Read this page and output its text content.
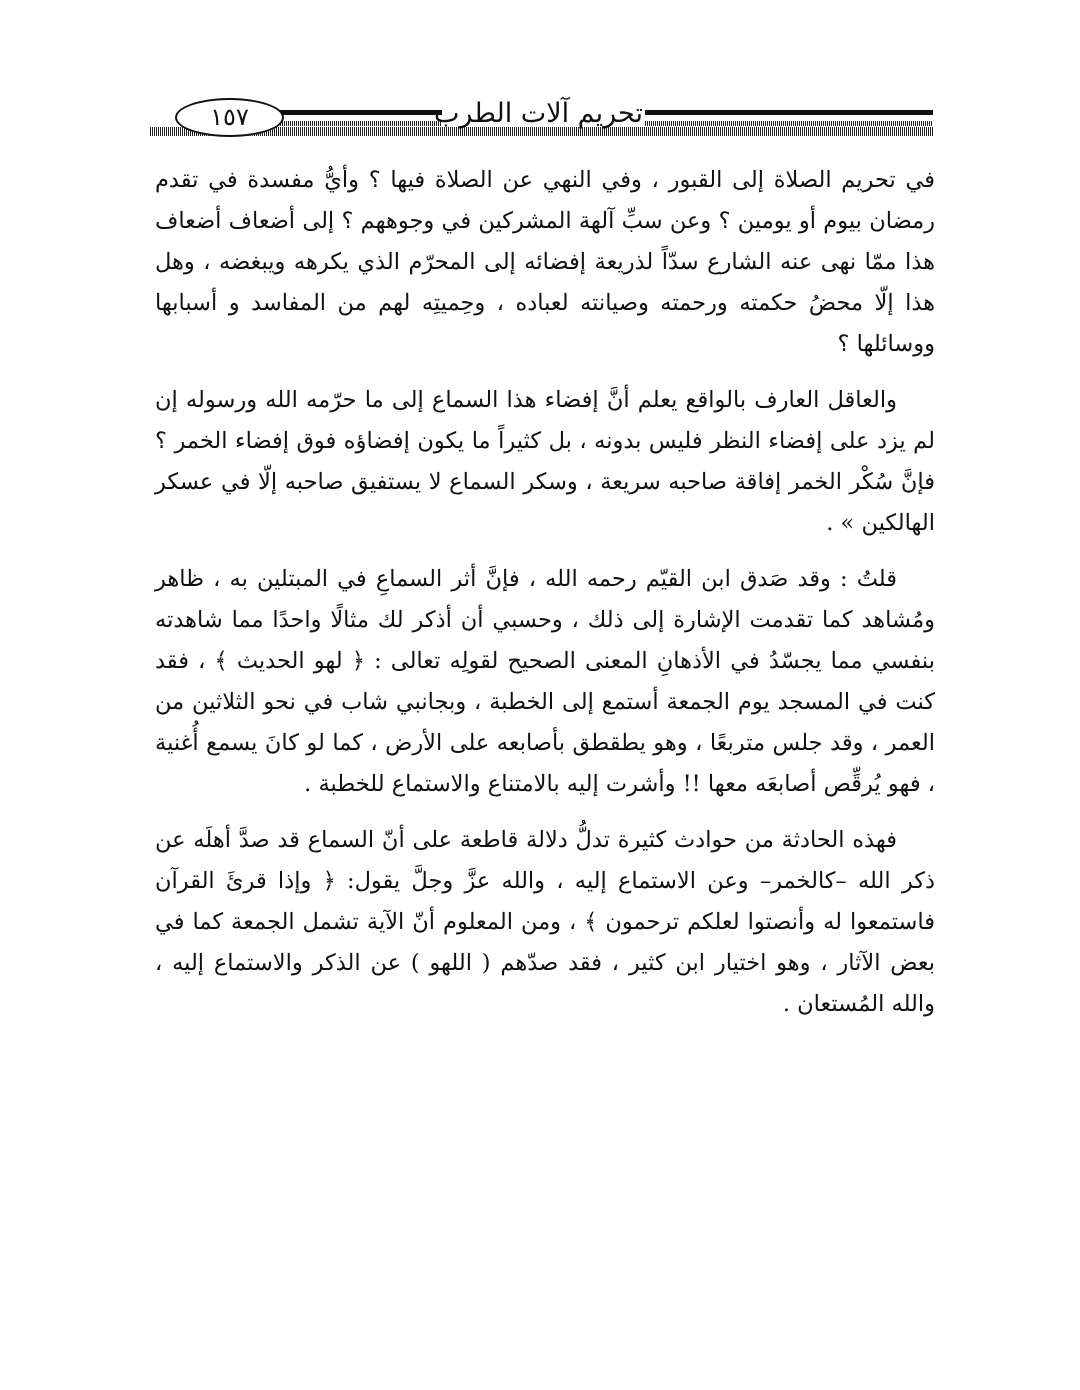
تحريم آلات الطرب
١٥٧

في تحريم الصلاة إلى القبور ، وفي النهي عن الصلاة فيها ؟ وأيُّ مفسدة في تقدم رمضان بيوم أو يومين ؟ وعن سبِّ آلهة المشركين في وجوههم ؟ إلى أضعاف أضعاف هذا ممّا نهى عنه الشارع سدّاً لذريعة إفضائه إلى المحرّم الذي يكرهه ويبغضه ، وهل هذا إلّا محضُ حكمته ورحمته وصيانته لعباده ، وحِميتِه لهم من المفاسد و أسبابها ووسائلها ؟

والعاقل العارف بالواقع يعلم أنَّ إفضاء هذا السماع إلى ما حرّمه الله ورسوله إن لم يزد على إفضاء النظر فليس بدونه ، بل كثيراً ما يكون إفضاؤه فوق إفضاء الخمر ؟ فإنَّ سُكْر الخمر إفاقة صاحبه سريعة ، وسكر السماع لا يستفيق صاحبه إلّا في عسكر الهالكين » .

قلتُ : وقد صَدق ابن القيّم رحمه الله ، فإنَّ أثر السماعِ في المبتلين به ، ظاهر ومُشاهد كما تقدمت الإشارة إلى ذلك ، وحسبي أن أذكر لك مثالًا واحدًا مما شاهدته بنفسي مما يجسّدُ في الأذهانِ المعنى الصحيح لقولِه تعالى : ﴿ لهو الحديث ﴾ ، فقد كنت في المسجد يوم الجمعة أستمع إلى الخطبة ، وبجانبي شاب في نحو الثلاثين من العمر ، وقد جلس متربعًا ، وهو يطقطق بأصابعه على الأرض ، كما لو كانَ يسمع أُغنية ، فهو يُرقِّص أصابعَه معها !! وأشرت إليه بالامتناع والاستماع للخطبة .

فهذه الحادثة من حوادث كثيرة تدلُّ دلالة قاطعة على أنّ السماع قد صدَّ أهلَه عن ذكر الله –كالخمر– وعن الاستماع إليه ، والله عزَّ وجلَّ يقول: ﴿ وإذا قرئَ القرآن فاستمعوا له وأنصتوا لعلكم ترحمون ﴾ ، ومن المعلوم أنّ الآية تشمل الجمعة كما في بعض الآثار ، وهو اختيار ابن كثير ، فقد صدّهم ( اللهو ) عن الذكر والاستماع إليه ، والله المُستعان .
